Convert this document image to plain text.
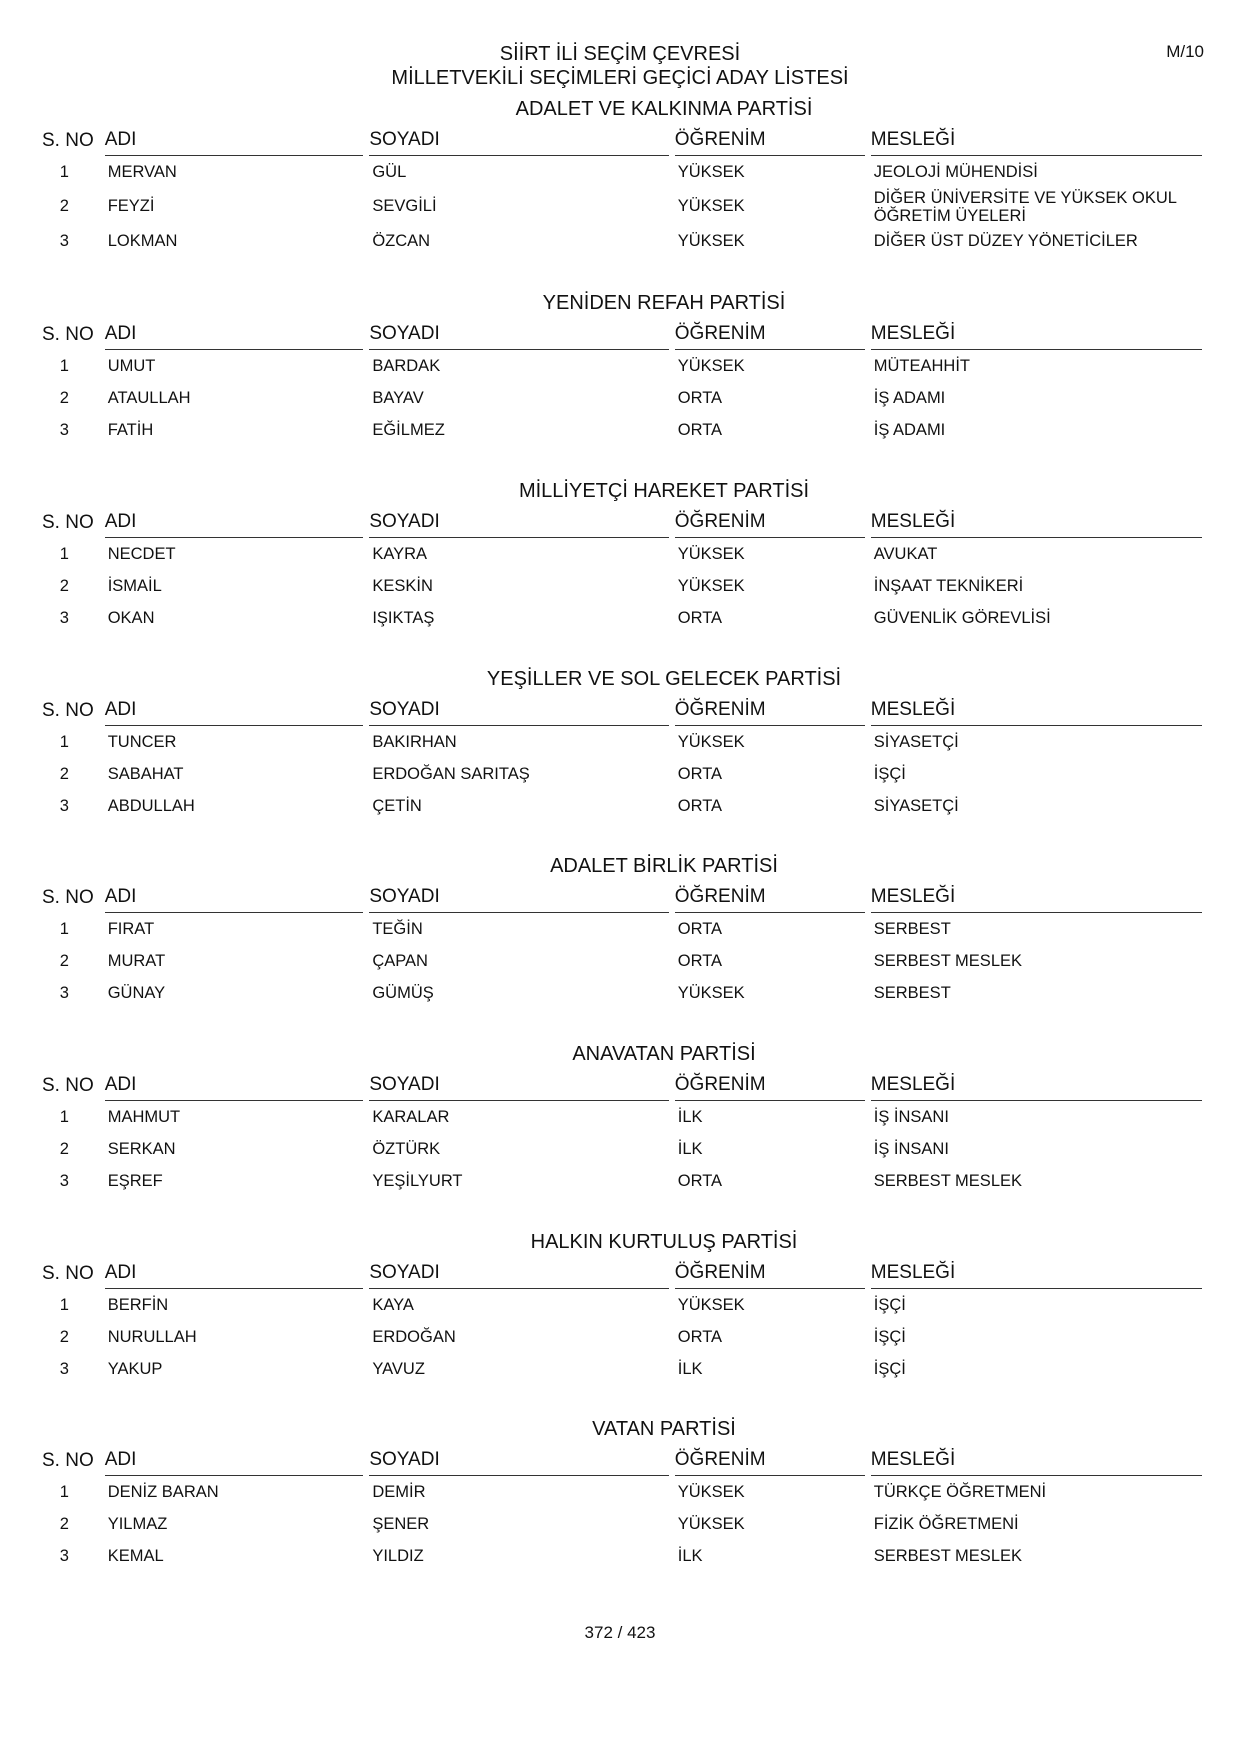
M/10
SİİRT İLİ SEÇİM ÇEVRESİ
MİLLETVEKİLİ SEÇİMLERİ GEÇİCİ ADAY LİSTESİ
ADALET VE KALKINMA PARTİSİ
S. NO ADI	SOYADI	ÖĞRENİM	MESLEĞİ
1	MERVAN	GÜL	YÜKSEK	JEOLOJİ MÜHENDİSİ
2	FEYZİ	SEVGİLİ	YÜKSEK	DİĞER ÜNİVERSİTE VE YÜKSEK OKUL ÖĞRETİM ÜYELERİ
3	LOKMAN	ÖZCAN	YÜKSEK	DİĞER ÜST DÜZEY YÖNETİCİLER
YENİDEN REFAH PARTİSİ
S. NO ADI	SOYADI	ÖĞRENİM	MESLEĞİ
1	UMUT	BARDAK	YÜKSEK	MÜTEAHHİT
2	ATAULLAH	BAYAV	ORTA	İŞ ADAMI
3	FATİH	EĞİLMEZ	ORTA	İŞ ADAMI
MİLLİYETÇİ HAREKET PARTİSİ
S. NO ADI	SOYADI	ÖĞRENİM	MESLEĞİ
1	NECDET	KAYRA	YÜKSEK	AVUKAT
2	İSMAİL	KESKİN	YÜKSEK	İNŞAAT TEKNİKERİ
3	OKAN	IŞIKTAŞ	ORTA	GÜVENLİK GÖREVLİSİ
YEŞİLLER VE SOL GELECEK PARTİSİ
S. NO ADI	SOYADI	ÖĞRENİM	MESLEĞİ
1	TUNCER	BAKIRHAN	YÜKSEK	SİYASETÇİ
2	SABAHAT	ERDOĞAN SARITAŞ	ORTA	İŞÇİ
3	ABDULLAH	ÇETİN	ORTA	SİYASETÇİ
ADALET BİRLİK PARTİSİ
S. NO ADI	SOYADI	ÖĞRENİM	MESLEĞİ
1	FIRAT	TEĞİN	ORTA	SERBEST
2	MURAT	ÇAPAN	ORTA	SERBEST MESLEK
3	GÜNAY	GÜMÜŞ	YÜKSEK	SERBEST
ANAVATAN PARTİSİ
S. NO ADI	SOYADI	ÖĞRENİM	MESLEĞİ
1	MAHMUT	KARALAR	İLK	İŞ İNSANI
2	SERKAN	ÖZTÜRK	İLK	İŞ İNSANI
3	EŞREF	YEŞİLYURT	ORTA	SERBEST MESLEK
HALKIN KURTULUŞ PARTİSİ
S. NO ADI	SOYADI	ÖĞRENİM	MESLEĞİ
1	BERFİN	KAYA	YÜKSEK	İŞÇİ
2	NURULLAH	ERDOĞAN	ORTA	İŞÇİ
3	YAKUP	YAVUZ	İLK	İŞÇİ
VATAN PARTİSİ
S. NO ADI	SOYADI	ÖĞRENİM	MESLEĞİ
1	DENİZ BARAN	DEMİR	YÜKSEK	TÜRKÇE ÖĞRETMENİ
2	YILMAZ	ŞENER	YÜKSEK	FİZİK ÖĞRETMENİ
3	KEMAL	YILDIZ	İLK	SERBEST MESLEK
372 / 423
